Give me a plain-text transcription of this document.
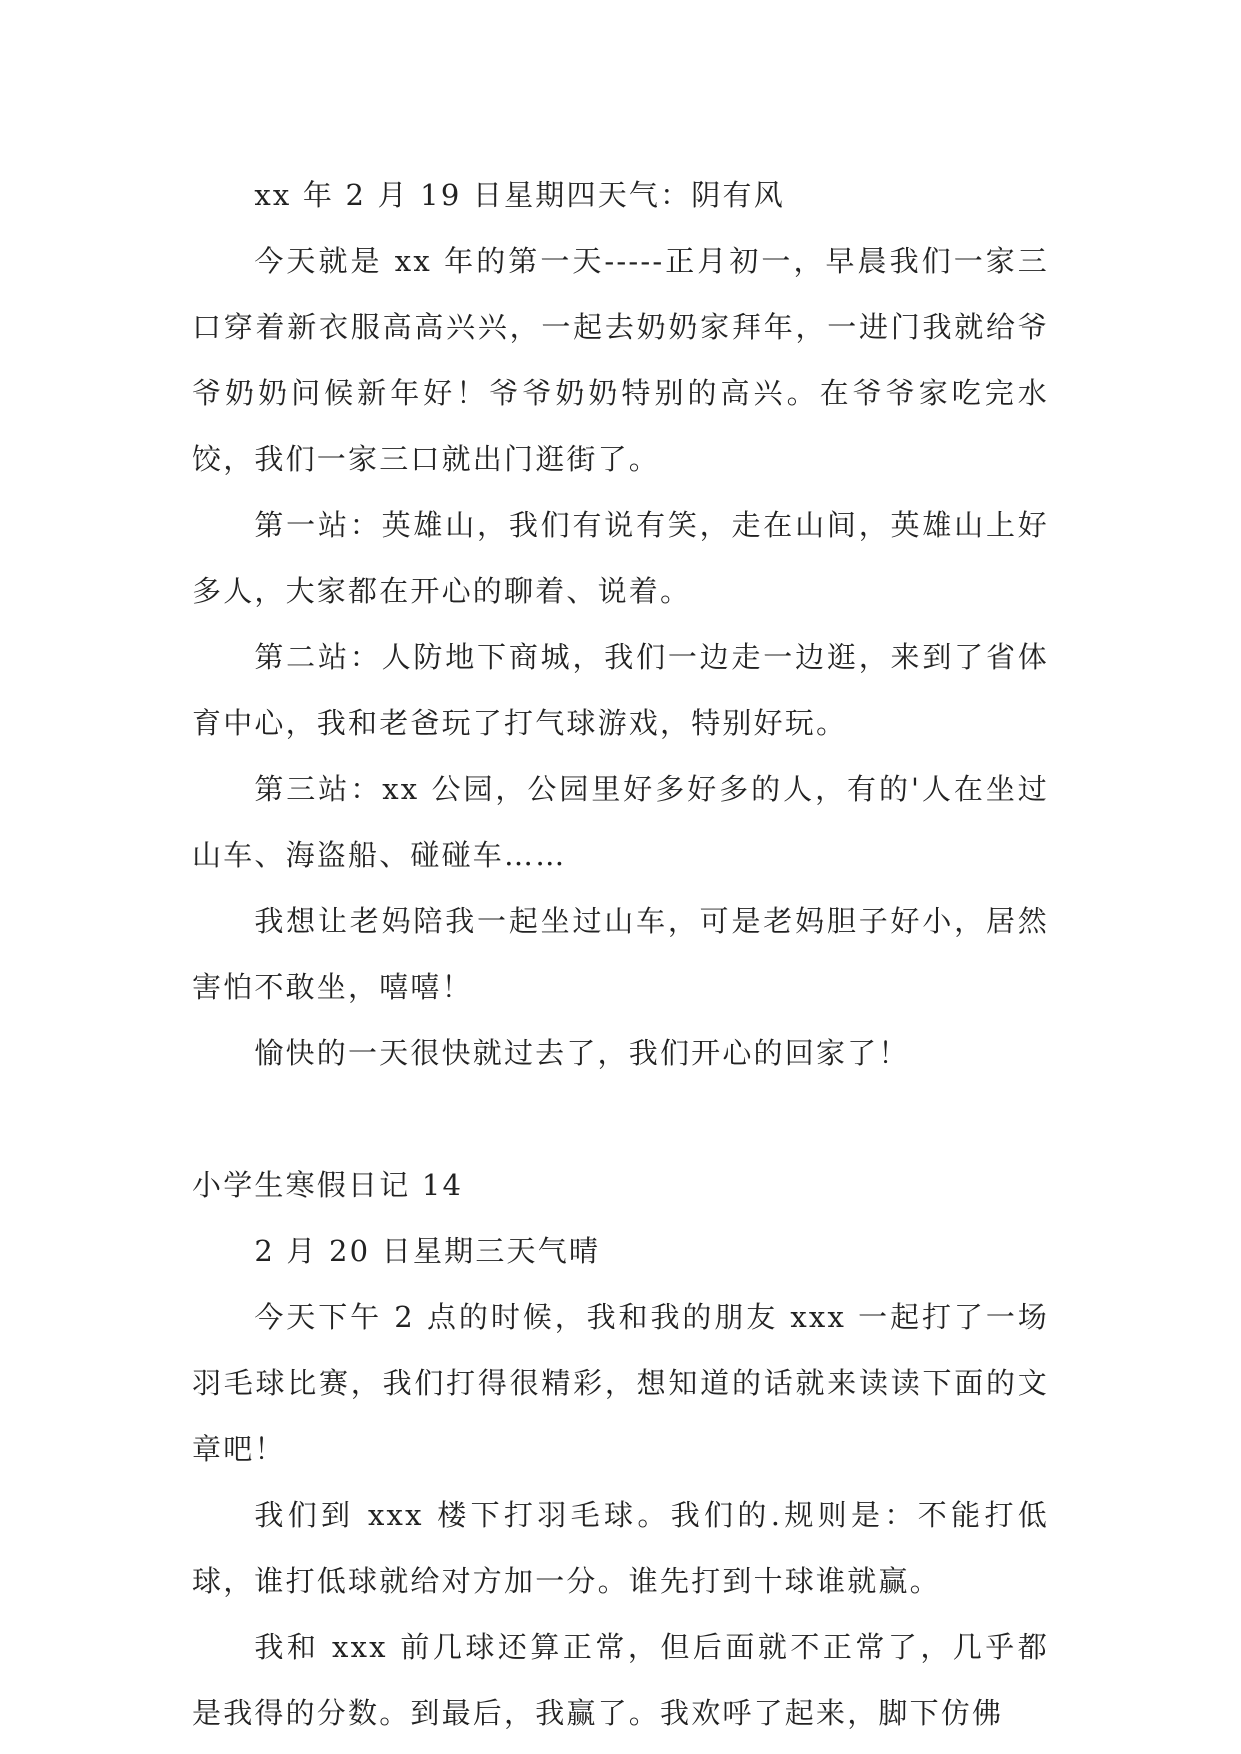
xx 年 2 月 19 日星期四天气：阴有风

今天就是 xx 年的第一天-----正月初一，早晨我们一家三口穿着新衣服高高兴兴，一起去奶奶家拜年，一进门我就给爷爷奶奶问候新年好！爷爷奶奶特别的高兴。在爷爷家吃完水饺，我们一家三口就出门逛街了。

第一站：英雄山，我们有说有笑，走在山间，英雄山上好多人，大家都在开心的聊着、说着。

第二站：人防地下商城，我们一边走一边逛，来到了省体育中心，我和老爸玩了打气球游戏，特别好玩。

第三站：xx 公园，公园里好多好多的人，有的'人在坐过山车、海盗船、碰碰车……

我想让老妈陪我一起坐过山车，可是老妈胆子好小，居然害怕不敢坐，嘻嘻！

愉快的一天很快就过去了，我们开心的回家了！

小学生寒假日记 14

2 月 20 日星期三天气晴

今天下午 2 点的时候，我和我的朋友 xxx 一起打了一场羽毛球比赛，我们打得很精彩，想知道的话就来读读下面的文章吧！

我们到 xxx 楼下打羽毛球。我们的.规则是：不能打低球，谁打低球就给对方加一分。谁先打到十球谁就赢。

我和 xxx 前几球还算正常，但后面就不正常了，几乎都是我得的分数。到最后，我赢了。我欢呼了起来，脚下仿佛
